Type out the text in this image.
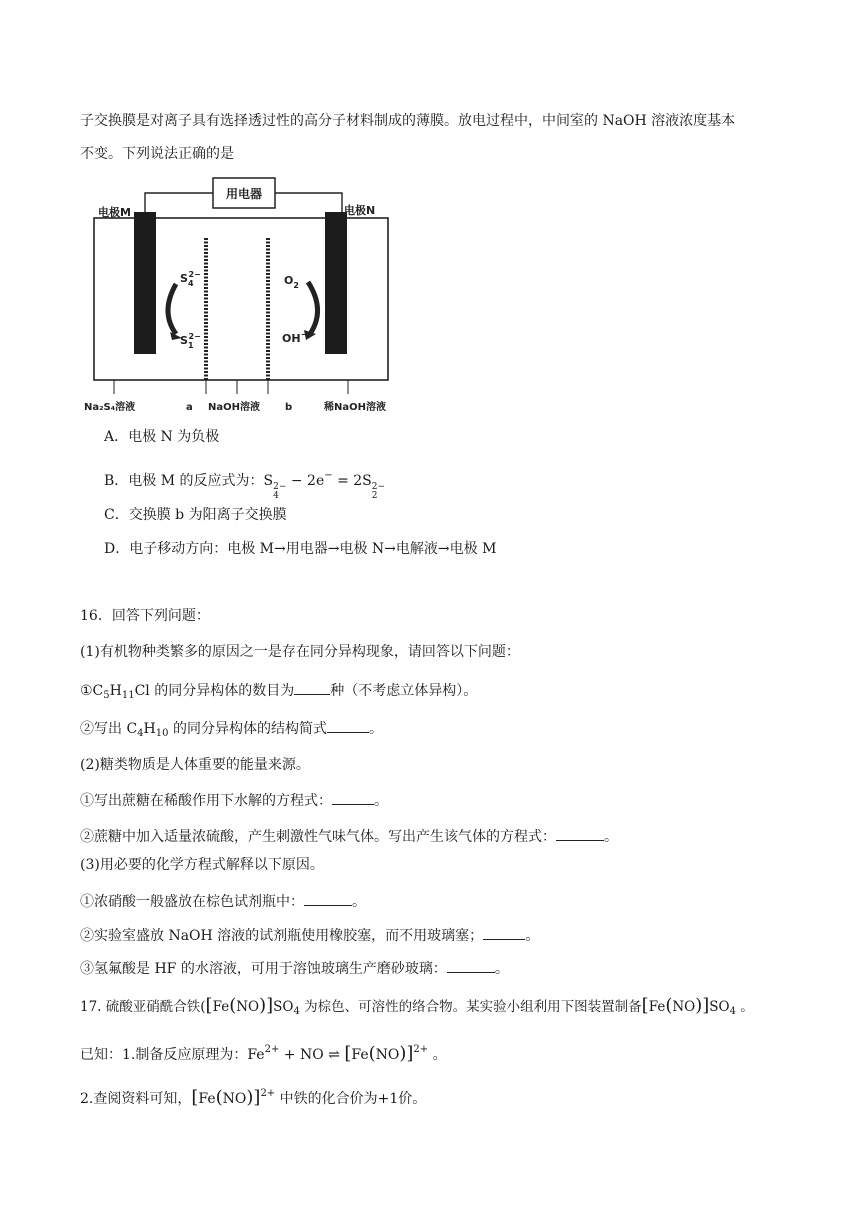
子交换膜是对离子具有选择透过性的高分子材料制成的薄膜。放电过程中，中间室的 NaOH 溶液浓度基本
不变。下列说法正确的是
用电器
电极M	电极N
$S_42-$
$S_12-$
$O_2$
OH−
Na₂S₄溶液	a NaOH溶液	b	稀NaOH溶液
A．电极 N 为负极
B．电极 M 的反应式为：S 2−
4
− 2e− = 2S 2−
2
C．交换膜 b 为阳离子交换膜
D．电子移动方向：电极 M→用电器→电极 N→电解液→电极 M
16．回答下列问题：
(1)有机物种类繁多的原因之一是存在同分异构现象，请回答以下问题：
$①C_5H_{11}Cl$ 的同分异构体的数目为	种（不考虑立体异构）。
②写出 $C_4H_{10}$ 的同分异构体的结构简式	。
(2)糖类物质是人体重要的能量来源。
①写出蔗糖在稀酸作用下水解的方程式：	。
②蔗糖中加入适量浓硫酸，产生刺激性气味气体。写出产生该气体的方程式：	。
(3)用必要的化学方程式解释以下原因。
①浓硝酸一般盛放在棕色试剂瓶中：	。
②实验室盛放 NaOH 溶液的试剂瓶使用橡胶塞，而不用玻璃塞；	。
③氢氟酸是 HF 的水溶液，可用于溶蚀玻璃生产磨砂玻璃：	。
17. 硫酸亚硝酰合铁($[Fe(NO)]SO_4$ 为棕色、可溶性的络合物。某实验小组利用下图装置制备$[Fe(NO)]SO_4$ 。
已知：1.制备反应原理为：$Fe^{2+}$ + NO ⇌ $[Fe(NO)]^{2+}$ 。
2.查阅资料可知，$[Fe(NO)]^{2+}$ 中铁的化合价为+1价。
